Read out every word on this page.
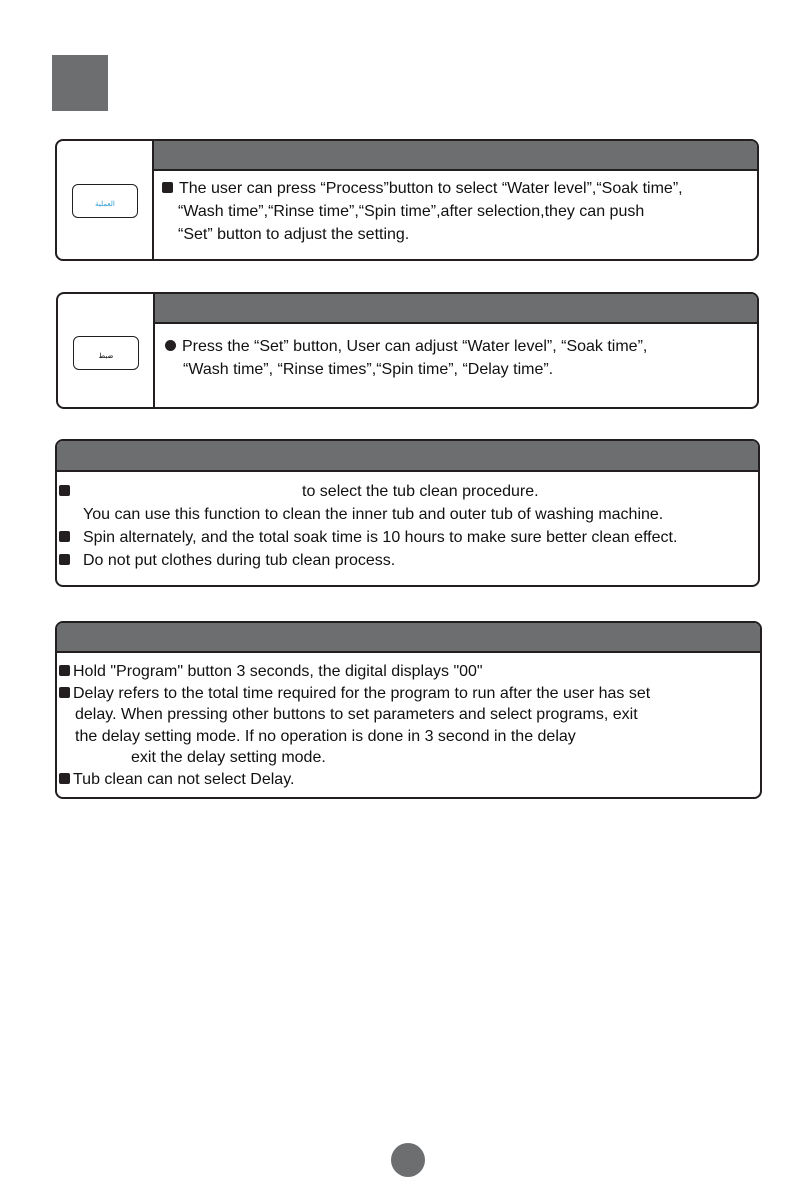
العملية
The user can press “Process”button to select “Water level”,“Soak time”,
“Wash time”,“Rinse time”,“Spin time”,after selection,they can push
“Set” button to adjust the setting.
ضبط
Press the “Set” button, User can adjust “Water level”, “Soak time”,
“Wash time”, “Rinse times”,“Spin time”, “Delay time”.
to select the tub clean procedure.
You can use this function to clean the inner tub and outer tub of washing machine.
Spin alternately, and the total soak time is 10 hours to make sure better clean effect.
Do not put clothes during tub clean process.
Hold "Program" button 3 seconds, the digital displays "00"
Delay refers to the total time required for the program to run after the user has set
delay. When pressing other buttons to set parameters and select programs, exit
the delay setting mode. If no operation is done in 3 second in the delay
exit the delay setting mode.
Tub clean can not select Delay.
